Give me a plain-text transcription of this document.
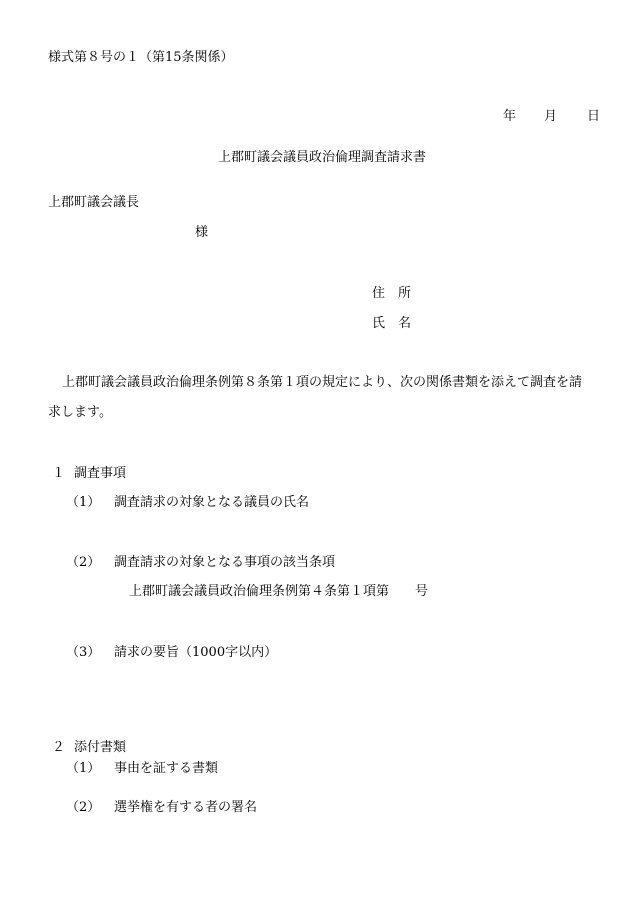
様式第８号の１（第15条関係）
年 月 日
上郡町議会議員政治倫理調査請求書
上郡町議会議長
様
住　所
氏　名
上郡町議会議員政治倫理条例第８条第１項の規定により、次の関係書類を添えて調査を請
求します。
１ 調査事項
（1） 調査請求の対象となる議員の氏名
（2） 調査請求の対象となる事項の該当条項
上郡町議会議員政治倫理条例第４条第１項第　　号
（3） 請求の要旨（1000字以内）
２ 添付書類
（1） 事由を証する書類
（2） 選挙権を有する者の署名
